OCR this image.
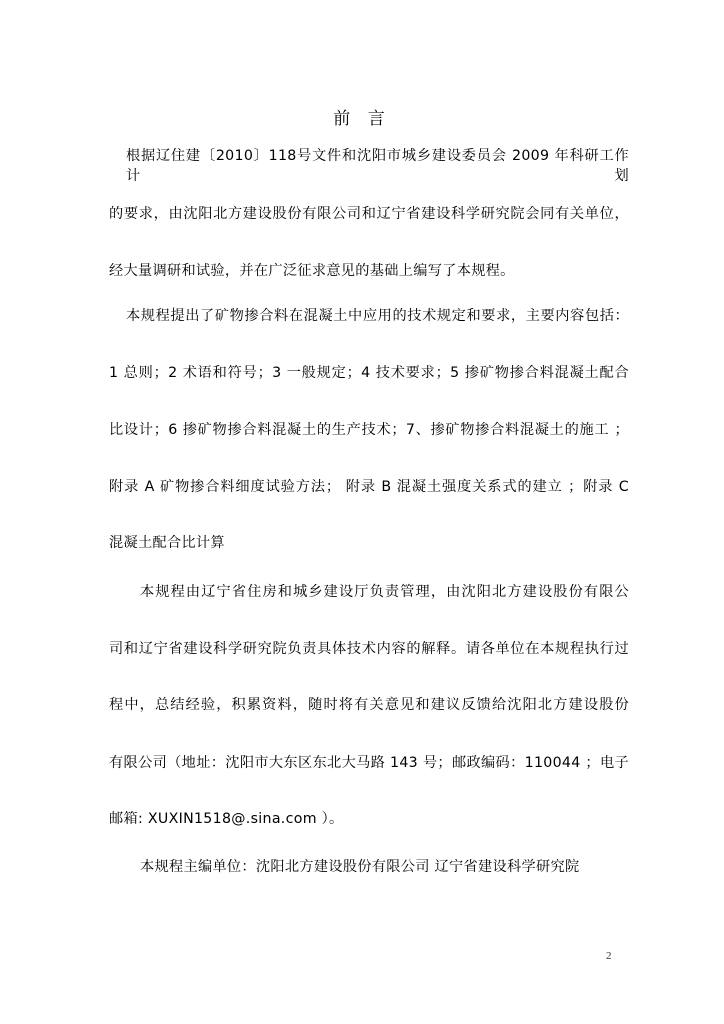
前 言
根据辽住建〔2010〕118号文件和沈阳市城乡建设委员会 2009 年科研工作计划
的要求，由沈阳北方建设股份有限公司和辽宁省建设科学研究院会同有关单位，
经大量调研和试验，并在广泛征求意见的基础上编写了本规程。
本规程提出了矿物掺合料在混凝土中应用的技术规定和要求，主要内容包括：
1 总则；2 术语和符号；3 一般规定；4 技术要求；5 掺矿物掺合料混凝土配合
比设计；6 掺矿物掺合料混凝土的生产技术；7、掺矿物掺合料混凝土的施工 ；
附录 A 矿物掺合料细度试验方法； 附录 B 混凝土强度关系式的建立 ；附录 C
混凝土配合比计算
本规程由辽宁省住房和城乡建设厅负责管理，由沈阳北方建设股份有限公
司和辽宁省建设科学研究院负责具体技术内容的解释。请各单位在本规程执行过
程中，总结经验，积累资料，随时将有关意见和建议反馈给沈阳北方建设股份
有限公司（地址：沈阳市大东区东北大马路 143 号；邮政编码：110044 ；电子
邮箱: XUXIN1518@.sina.com ）。
本规程主编单位：沈阳北方建设股份有限公司 辽宁省建设科学研究院
2
